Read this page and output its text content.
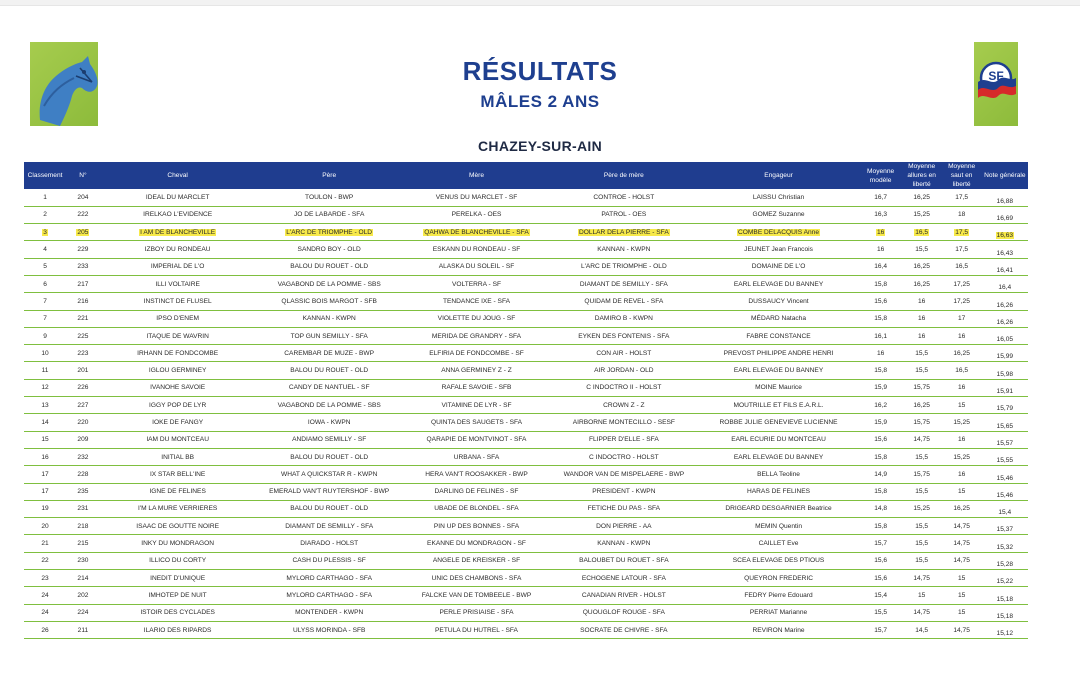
SF
RÉSULTATS
MÂLES 2 ANS
CHAZEY-SUR-AIN
Classement	N°	Cheval	Père	Mère	Père de mère	Engageur	Moyenne modèle	Moyenne allures en liberté	Moyenne saut en liberté	Note générale
1	204	IDEAL DU MARCLET	TOULON - BWP	VENUS DU MARCLET - SF	CONTROE - HOLST	LAISSU Christian	16,7	16,25	17,5	16,88
2	222	IRELKAO L'EVIDENCE	JO DE LABARDE - SFA	PERELKA - OES	PATROL - OES	GOMEZ Suzanne	16,3	15,25	18	16,69
3	205	I AM DE BLANCHEVILLE	L'ARC DE TRIOMPHE - OLD	QAHWA DE BLANCHEVILLE - SFA	DOLLAR DELA PIERRE - SFA	COMBE DELACQUIS Anne	16	16,5	17,5	16,63
4	229	IZBOY DU RONDEAU	SANDRO BOY - OLD	ESKANN DU RONDEAU - SF	KANNAN - KWPN	JEUNET Jean Francois	16	15,5	17,5	16,43
5	233	IMPERIAL DE L'O	BALOU DU ROUET - OLD	ALASKA DU SOLEIL - SF	L'ARC DE TRIOMPHE - OLD	DOMAINE DE L'O	16,4	16,25	16,5	16,41
6	217	ILLI VOLTAIRE	VAGABOND DE LA POMME - SBS	VOLTERRA - SF	DIAMANT DE SEMILLY - SFA	EARL ELEVAGE DU BANNEY	15,8	16,25	17,25	16,4
7	216	INSTINCT DE FLUSEL	QLASSIC BOIS MARGOT - SFB	TENDANCE IXE - SFA	QUIDAM DE REVEL - SFA	DUSSAUCY Vincent	15,6	16	17,25	16,26
7	221	IPSO D'ENEM	KANNAN - KWPN	VIOLETTE DU JOUG - SF	DAMIRO B - KWPN	MÉDARD Natacha	15,8	16	17	16,26
9	225	ITAQUE DE WAVRIN	TOP GUN SEMILLY - SFA	MERIDA DE GRANDRY - SFA	EYKEN DES FONTENIS - SFA	FABRE CONSTANCE	16,1	16	16	16,05
10	223	IRHANN DE FONDCOMBE	CAREMBAR DE MUZE - BWP	ELFIRIA DE FONDCOMBE - SF	CON AIR - HOLST	PREVOST PHILIPPE ANDRE HENRI	16	15,5	16,25	15,99
11	201	IGLOU GERMINEY	BALOU DU ROUET - OLD	ANNA GERMINEY Z - Z	AIR JORDAN - OLD	EARL ELEVAGE DU BANNEY	15,8	15,5	16,5	15,98
12	226	IVANOHE SAVOIE	CANDY DE NANTUEL - SF	RAFALE SAVOIE - SFB	C INDOCTRO II - HOLST	MOINE Maurice	15,9	15,75	16	15,91
13	227	IGGY POP DE LYR	VAGABOND DE LA POMME - SBS	VITAMINE DE LYR - SF	CROWN Z - Z	MOUTRILLE ET FILS E.A.R.L.	16,2	16,25	15	15,79
14	220	IOKE DE FANGY	IOWA - KWPN	QUINTA DES SAUGETS - SFA	AIRBORNE MONTECILLO - SESF	ROBBE JULIE GENEVIEVE LUCIENNE	15,9	15,75	15,25	15,65
15	209	IAM DU MONTCEAU	ANDIAMO SEMILLY - SF	QARAPIE DE MONTVINOT - SFA	FLIPPER D'ELLE - SFA	EARL ECURIE DU MONTCEAU	15,6	14,75	16	15,57
16	232	INITIAL BB	BALOU DU ROUET - OLD	URBANA - SFA	C INDOCTRO - HOLST	EARL ELEVAGE DU BANNEY	15,8	15,5	15,25	15,55
17	228	IX STAR BELL'INE	WHAT A QUICKSTAR R - KWPN	HERA VAN'T ROOSAKKER - BWP	WANDOR VAN DE MISPELAERE - BWP	BELLA Teoline	14,9	15,75	16	15,46
17	235	IGNE DE FELINES	EMERALD VAN'T RUYTERSHOF - BWP	DARLING DE FELINES - SF	PRESIDENT - KWPN	HARAS DE FELINES	15,8	15,5	15	15,46
19	231	I'M LA MURE VERRIERES	BALOU DU ROUET - OLD	UBADE DE BLONDEL - SFA	FETICHE DU PAS - SFA	DRIGEARD DESGARNIER Beatrice	14,8	15,25	16,25	15,4
20	218	ISAAC DE GOUTTE NOIRE	DIAMANT DE SEMILLY - SFA	PIN UP DES BONNES - SFA	DON PIERRE - AA	MEMIN Quentin	15,8	15,5	14,75	15,37
21	215	INKY DU MONDRAGON	DIARADO - HOLST	EKANNE DU MONDRAGON - SF	KANNAN - KWPN	CAILLET Eve	15,7	15,5	14,75	15,32
22	230	ILLICO DU CORTY	CASH DU PLESSIS - SF	ANGELE DE KREISKER - SF	BALOUBET DU ROUET - SFA	SCEA ELEVAGE DES PTIOUS	15,6	15,5	14,75	15,28
23	214	INEDIT D'UNIQUE	MYLORD CARTHAGO - SFA	UNIC DES CHAMBONS - SFA	ECHOGENE LATOUR - SFA	QUEYRON FREDERIC	15,6	14,75	15	15,22
24	202	IMHOTEP DE NUIT	MYLORD CARTHAGO - SFA	FALCKE VAN DE TOMBEELE - BWP	CANADIAN RIVER - HOLST	FEDRY Pierre Edouard	15,4	15	15	15,18
24	224	ISTOIR DES CYCLADES	MONTENDER - KWPN	PERLE PRISIAISE - SFA	QUOUGLOF ROUGE - SFA	PERRIAT Marianne	15,5	14,75	15	15,18
26	211	ILARIO DES RIPARDS	ULYSS MORINDA - SFB	PETULA DU HUTREL - SFA	SOCRATE DE CHIVRE - SFA	REVIRON Marine	15,7	14,5	14,75	15,12
